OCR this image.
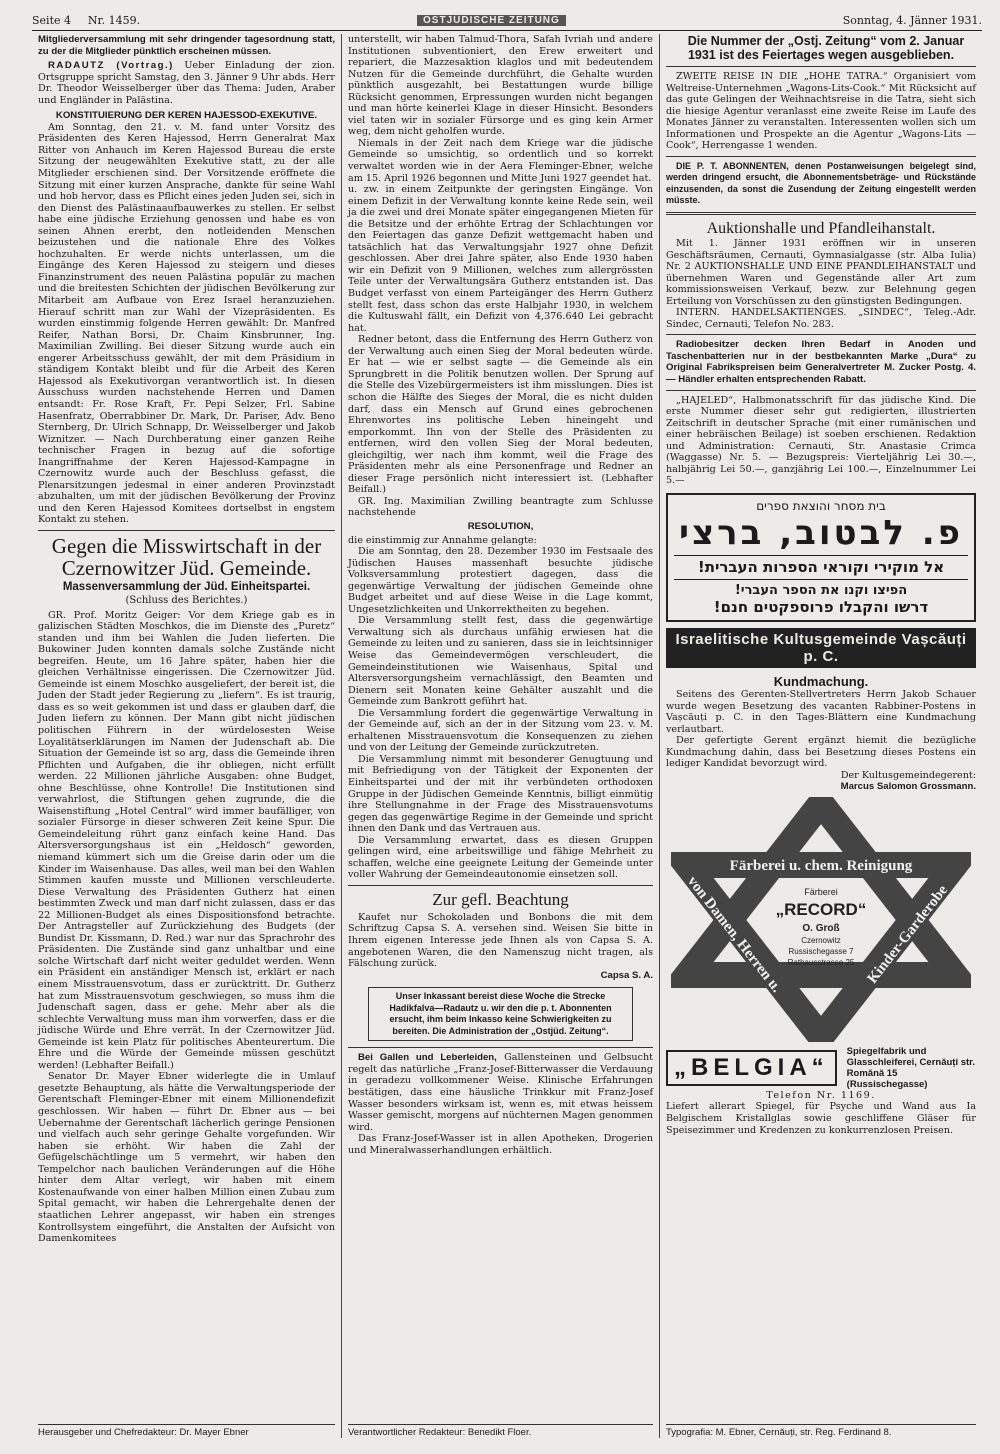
Seite 4 Nr. 1459.	OSTJÜDISCHE ZEITUNG	Sonntag, 4. Jänner 1931.

Mitgliederversammlung mit sehr dringender tagesordnung statt, zu der die Mitglieder pünktlich erscheinen müssen.

RADAUTZ (Vortrag.) Ueber Einladung der zion. Ortsgruppe spricht Samstag, den 3. Jänner 9 Uhr abds. Herr Dr. Theodor Weisselberger über das Thema: Juden, Araber und Engländer in Palästina.

KONSTITUIERUNG DER KEREN HAJESSOD-EXEKUTIVE.

Am Sonntag, den 21. v. M. fand unter Vorsitz des Präsidenten des Keren Hajessod, Herrn Generalrat Max Ritter von Anhauch im Keren Hajessod Bureau die erste Sitzung der neugewählten Exekutive statt, zu der alle Mitglieder erschienen sind. Der Vorsitzende eröffnete die Sitzung mit einer kurzen Ansprache, dankte für seine Wahl und hob hervor, dass es Pflicht eines jeden Juden sei, sich in den Dienst des Palästinaaufbauwerkes zu stellen. Er selbst habe eine jüdische Erziehung genossen und habe es von seinen Ahnen ererbt, den notleidenden Menschen beizustehen und die nationale Ehre des Volkes hochzuhalten. Er werde nichts unterlassen, um die Eingänge des Keren Hajessod zu steigern und dieses Finanzinstrument des neuen Palästina populär zu machen und die breitesten Schichten der jüdischen Bevölkerung zur Mitarbeit am Aufbaue von Erez Israel heranzuziehen. Hierauf schritt man zur Wahl der Vizepräsidenten. Es wurden einstimmig folgende Herren gewählt: Dr. Manfred Reifer, Nathan Borsi, Dr. Chaim Kinsbrunner, Ing. Maximilian Zwilling. Bei dieser Sitzung wurde auch ein engerer Arbeitsschuss gewählt, der mit dem Präsidium in ständigem Kontakt bleibt und für die Arbeit des Keren Hajessod als Exekutivorgan verantwortlich ist. In diesen Ausschuss wurden nachstehende Herren und Damen entsandt: Fr. Rose Kraft, Fr. Pepi Selzer, Frl. Sabine Hasenfratz, Oberrabbiner Dr. Mark, Dr. Pariser, Adv. Beno Sternberg, Dr. Ulrich Schnapp, Dr. Weisselberger und Jakob Wiznitzer. — Nach Durchberatung einer ganzen Reihe technischer Fragen in bezug auf die sofortige Inangriffnahme der Keren Hajessod-Kampagne in Czernowitz wurde auch der Beschluss gefasst, die Plenarsitzungen jedesmal in einer anderen Provinzstadt abzuhalten, um mit der jüdischen Bevölkerung der Provinz und den Keren Hajessod Komitees dortselbst in engstem Kontakt zu stehen.

Gegen die Misswirtschaft in der Czernowitzer Jüd. Gemeinde.
Massenversammlung der Jüd. Einheitspartei.

(Schluss des Berichtes.)

GR. Prof. Moritz Geiger: Vor dem Kriege gab es in galizischen Städten Moschkos, die im Dienste des „Puretz“ standen und ihm bei Wahlen die Juden lieferten. Die Bukowiner Juden konnten damals solche Zustände nicht begreifen. Heute, um 16 Jahre später, haben hier die gleichen Verhältnisse eingerissen. Die Czernowitzer Jüd. Gemeinde ist einem Moschko ausgeliefert, der bereit ist, die Juden der Stadt jeder Regierung zu „liefern“. Es ist traurig, dass es so weit gekommen ist und dass er glauben darf, die Juden liefern zu können. Der Mann gibt nicht jüdischen politischen Führern in der würdelosesten Weise Loyalitätserklärungen im Namen der Judenschaft ab. Die Situation der Gemeinde ist so arg, dass die Gemeinde ihren Pflichten und Aufgaben, die ihr obliegen, nicht erfüllt werden. 22 Millionen jährliche Ausgaben: ohne Budget, ohne Beschlüsse, ohne Kontrolle! Die Institutionen sind verwahrlost, die Stiftungen gehen zugrunde, die die Waisenstiftung „Hotel Central“ wird immer baufälliger, von sozialer Fürsorge in dieser schweren Zeit keine Spur. Die Gemeindeleitung rührt ganz einfach keine Hand. Das Altersversorgungshaus ist ein „Heldosch“ geworden, niemand kümmert sich um die Greise darin oder um die Kinder im Waisenhause. Das alles, weil man bei den Wahlen Stimmen kaufen musste und Millionen verschleuderte. Diese Verwaltung des Präsidenten Gutherz hat einen bestimmten Zweck und man darf nicht zulassen, dass er das 22 Millionen-Budget als eines Dispositionsfond betrachte. Der Antragsteller auf Zurückziehung des Budgets (der Bundist Dr. Kissmann, D. Red.) war nur das Sprachrohr des Präsidenten. Die Zustände sind ganz unhaltbar und eine solche Wirtschaft darf nicht weiter geduldet werden. Wenn ein Präsident ein anständiger Mensch ist, erklärt er nach einem Misstrauensvotum, dass er zurücktritt. Dr. Gutherz hat zum Misstrauensvotum geschwiegen, so muss ihm die Judenschaft sagen, dass er gehe. Mehr aber als die schlechte Verwaltung muss man ihm vorwerfen, dass er die jüdische Würde und Ehre verrät. In der Czernowitzer Jüd. Gemeinde ist kein Platz für politisches Abenteurertum. Die Ehre und die Würde der Gemeinde müssen geschützt werden! (Lebhafter Beifall.)

Senator Dr. Mayer Ebner widerlegte die in Umlauf gesetzte Behauptung, als hätte die Verwaltungsperiode der Gerentschaft Fleminger-Ebner mit einem Millionendefizit geschlossen. Wir haben — führt Dr. Ebner aus — bei Uebernahme der Gerentschaft lächerlich geringe Pensionen und vielfach auch sehr geringe Gehalte vorgefunden. Wir haben sie erhöht. Wir haben die Zahl der Gefügelschächtlinge um 5 vermehrt, wir haben den Tempelchor nach baulichen Veränderungen auf die Höhe hinter dem Altar verlegt, wir haben mit einem Kostenaufwande von einer halben Million einen Zubau zum Spital gemacht, wir haben die Lehrergehalte denen der staatlichen Lehrer angepasst, wir haben ein strenges Kontrollsystem eingeführt, die Anstalten der Aufsicht von Damenkomitees

Herausgeber und Chefredakteur: Dr. Mayer Ebner

unterstellt, wir haben Talmud-Thora, Safah Ivriah und andere Institutionen subventioniert, den Erew erweitert und repariert, die Mazzesaktion klaglos und mit bedeutendem Nutzen für die Gemeinde durchführt, die Gehalte wurden pünktlich ausgezahlt, bei Bestattungen wurde billige Rücksicht genommen, Erpressungen wurden nicht begangen und man hörte keinerlei Klage in dieser Hinsicht. Besonders viel taten wir in sozialer Fürsorge und es ging kein Armer weg, dem nicht geholfen wurde.

Niemals in der Zeit nach dem Kriege war die jüdische Gemeinde so umsichtig, so ordentlich und so korrekt verwaltet worden wie in der Aera Fleminger-Ebner, welche am 15. April 1926 begonnen und Mitte Juni 1927 geendet hat.

u. zw. in einem Zeitpunkte der geringsten Eingänge. Von einem Defizit in der Verwaltung konnte keine Rede sein, weil ja die zwei und drei Monate später eingegangenen Mieten für die Betsitze und der erhöhte Ertrag der Schlachtungen vor den Feiertagen das ganze Defizit wettgemacht haben und tatsächlich hat das Verwaltungsjahr 1927 ohne Defizit geschlossen. Aber drei Jahre später, also Ende 1930 haben wir ein Defizit von 9 Millionen, welches zum allergrössten Teile unter der Verwaltungsära Gutherz entstanden ist. Das Budget verfasst von einem Parteigänger des Herrn Gutherz stellt fest, dass schon das erste Halbjahr 1930, in welchem die Kultuswahl fällt, ein Defizit von 4,376.640 Lei gebracht hat.

Redner betont, dass die Entfernung des Herrn Gutherz von der Verwaltung auch einen Sieg der Moral bedeuten würde. Er hat — wie er selbst sagte — die Gemeinde als ein Sprungbrett in die Politik benutzen wollen. Der Sprung auf die Stelle des Vizebürgermeisters ist ihm misslungen. Dies ist schon die Hälfte des Sieges der Moral, die es nicht dulden darf, dass ein Mensch auf Grund eines gebrochenen Ehrenwortes ins politische Leben hineingeht und emporkommt. Ihn von der Stelle des Präsidenten zu entfernen, wird den vollen Sieg der Moral bedeuten, gleichgiltig, wer nach ihm kommt, weil die Frage des Präsidenten mehr als eine Personenfrage und Redner an dieser Frage persönlich nicht interessiert ist. (Lebhafter Beifall.)

GR. Ing. Maximilian Zwilling beantragte zum Schlusse nachstehende

RESOLUTION,

die einstimmig zur Annahme gelangte:

Die am Sonntag, den 28. Dezember 1930 im Festsaale des Jüdischen Hauses massenhaft besuchte jüdische Volksversammlung protestiert dagegen, dass die gegenwärtige Verwaltung der jüdischen Gemeinde ohne Budget arbeitet und auf diese Weise in die Lage kommt, Ungesetzlichkeiten und Unkorrektheiten zu begehen.

Die Versammlung stellt fest, dass die gegenwärtige Verwaltung sich als durchaus unfähig erwiesen hat die Gemeinde zu leiten und zu sanieren, dass sie in leichtsinniger Weise das Gemeindevermögen verschleudert, die Gemeindeinstitutionen wie Waisenhaus, Spital und Altersversorgungsheim vernachlässigt, den Beamten und Dienern seit Monaten keine Gehälter auszahlt und die Gemeinde zum Bankrott geführt hat.

Die Versammlung fordert die gegenwärtige Verwaltung in der Gemeinde auf, sich an der in der Sitzung vom 23. v. M. erhaltenen Misstrauensvotum die Konsequenzen zu ziehen und von der Leitung der Gemeinde zurückzutreten.

Die Versammlung nimmt mit besonderer Genugtuung und mit Befriedigung von der Tätigkeit der Exponenten der Einheitspartei und der mit ihr verbündeten orthodoxen Gruppe in der Jüdischen Gemeinde Kenntnis, billigt einmütig ihre Stellungnahme in der Frage des Misstrauensvotums gegen das gegenwärtige Regime in der Gemeinde und spricht ihnen den Dank und das Vertrauen aus.

Die Versammlung erwartet, dass es diesen Gruppen gelingen wird, eine arbeitswillige und fähige Mehrheit zu schaffen, welche eine geeignete Leitung der Gemeinde unter voller Wahrung der Gemeindeautonomie einsetzen soll.

Zur gefl. Beachtung

Kaufet nur Schokoladen und Bonbons die mit dem Schriftzug Capsa S. A. versehen sind. Weisen Sie bitte in Ihrem eigenen Interesse jede Ihnen als von Capsa S. A. angebotenen Waren, die den Namenszug nicht tragen, als Fälschung zurück.

Capsa S. A.

Unser Inkassant bereist diese Woche die Strecke Hadikfalva—Radautz u. wir den die p. t. Abonnenten ersucht, ihm beim Inkasso keine Schwierigkeiten zu bereiten. Die Administration der „Ostjüd. Zeitung“.

Bei Gallen und Leberleiden, Gallensteinen und Gelbsucht regelt das natürliche „Franz-Josef-Bitterwasser die Verdauung in geradezu vollkommener Weise. Klinische Erfahrungen bestätigen, dass eine häusliche Trinkkur mit Franz-Josef Wasser besonders wirksam ist, wenn es, mit etwas heissem Wasser gemischt, morgens auf nüchternen Magen genommen wird.

Das Franz-Josef-Wasser ist in allen Apotheken, Drogerien und Mineralwasserhandlungen erhältlich.

Verantwortlicher Redakteur: Benedikt Floer.

Die Nummer der „Ostj. Zeitung“ vom 2. Januar 1931 ist des Feiertages wegen ausgeblieben.

ZWEITE REISE IN DIE „HOHE TATRA.“ Organisiert vom Weltreise-Unternehmen „Wagons-Lits-Cook.“ Mit Rücksicht auf das gute Gelingen der Weihnachtsreise in die Tatra, sieht sich die hiesige Agentur veranlasst eine zweite Reise im Laufe des Monates Jänner zu veranstalten. Interessenten wollen sich um Informationen und Prospekte an die Agentur „Wagons-Lits — Cook“, Herrengasse 1 wenden.

DIE P. T. ABONNENTEN, denen Postanweisungen beigelegt sind, werden dringend ersucht, die Abonnementsbeträge- und Rückstände einzusenden, da sonst die Zusendung der Zeitung eingestellt werden müsste.

Auktionshalle und Pfandleihanstalt.

Mit 1. Jänner 1931 eröffnen wir in unseren Geschäftsräumen, Cernauti, Gymnasialgasse (str. Alba Iulia) Nr. 2 AUKTIONSHALLE UND EINE PFANDLEIHANSTALT und übernehmen Waren und Gegenstände aller Art zum kommissionsweisen Verkauf, bezw. zur Belehnung gegen Erteilung von Vorschüssen zu den günstigsten Bedingungen.

INTERN. HANDELSAKTIENGES. „SINDEC“, Teleg.-Adr. Sindec, Cernauti, Telefon No. 283.

Radiobesitzer decken Ihren Bedarf in Anoden und Taschenbatterien nur in der bestbekannten Marke „Dura“ zu Original Fabrikspreisen beim Generalvertreter M. Zucker Postg. 4. — Händler erhalten entsprechenden Rabatt.

„HAJELED“, Halbmonatsschrift für das jüdische Kind. Die erste Nummer dieser sehr gut redigierten, illustrierten Zeitschrift in deutscher Sprache (mit einer rumänischen und einer hebräischen Beilage) ist soeben erschienen. Redaktion und Administration: Cernauti, Str. Anastasie Crimca (Waggasse) Nr. 5. — Bezugspreis: Vierteljährig Lei 30.—, halbjährig Lei 50.—, ganzjährig Lei 100.—, Einzelnummer Lei 5.—

בית מסחר והוצאת ספרים
פ. לבטוב, ברצי
אל מוקירי וקוראי הספרות העברית!
הפיצו וקנו את הספר העברי!
דרשו והקבלו פרוספקטים חנם!
Israelitische Kultusgemeinde Vașcăuți p. C.
Kundmachung.

Seitens des Gerenten-Stellvertreters Herrn Jakob Schauer wurde wegen Besetzung des vacanten Rabbiner-Postens in Vașcăuți p. C. in den Tages-Blättern eine Kundmachung verlautbart.

Der gefertigte Gerent ergänzt hiemit die bezügliche Kundmachung dahin, dass bei Besetzung dieses Postens ein lediger Kandidat bevorzugt wird.

Der Kultusgemeindegerent:

Marcus Salomon Grossmann.

Färberei u. chem. Reinigung
von Damen, Herren u.	Kinder-Garderobe
Färberei
„RECORD“
O. Groß
Czernowitz
Russischegasse 7
Rathausstrasse 25
„BELGIA“
Spiegelfabrik und Glasschleiferei, Cernăuți str. Romănă 15 (Russischegasse)

Telefon Nr. 1169.

Liefert allerart Spiegel, für Psyche und Wand aus Ia Belgischem Kristallglas sowie geschliffene Gläser für Speisezimmer und Kredenzen zu konkurrenzlosen Preisen.

Typografia: M. Ebner, Cernăuți, str. Reg. Ferdinand 8.
